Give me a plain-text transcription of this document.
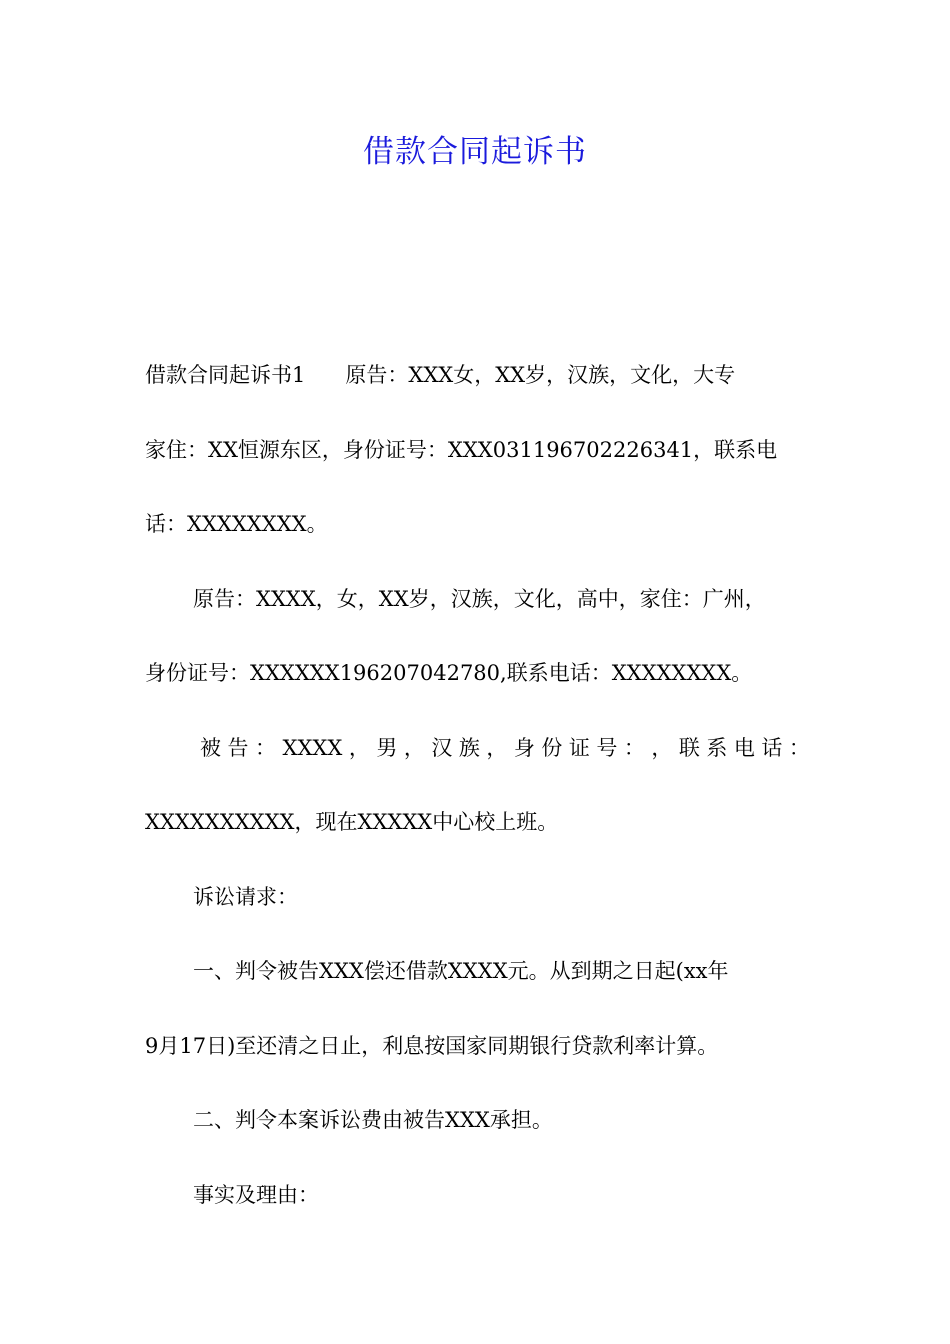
借款合同起诉书
借款合同起诉书1 原告：XXX女，XX岁，汉族，文化，大专
家住：XX恒源东区，身份证号：XXX031196702226341，联系电
话：XXXXXXXX。
原告：XXXX，女，XX岁，汉族，文化，高中，家住：广州，
身份证号：XXXXXX196207042780,联系电话：XXXXXXXX。
被 告 ： XXXX ， 男 ， 汉 族 ， 身 份 证 号 ： ， 联 系 电 话 ：
XXXXXXXXXX，现在XXXXX中心校上班。
诉讼请求：
一、判令被告XXX偿还借款XXXX元。从到期之日起(xx年
9月17日)至还清之日止，利息按国家同期银行贷款利率计算。
二、判令本案诉讼费由被告XXX承担。
事实及理由：
